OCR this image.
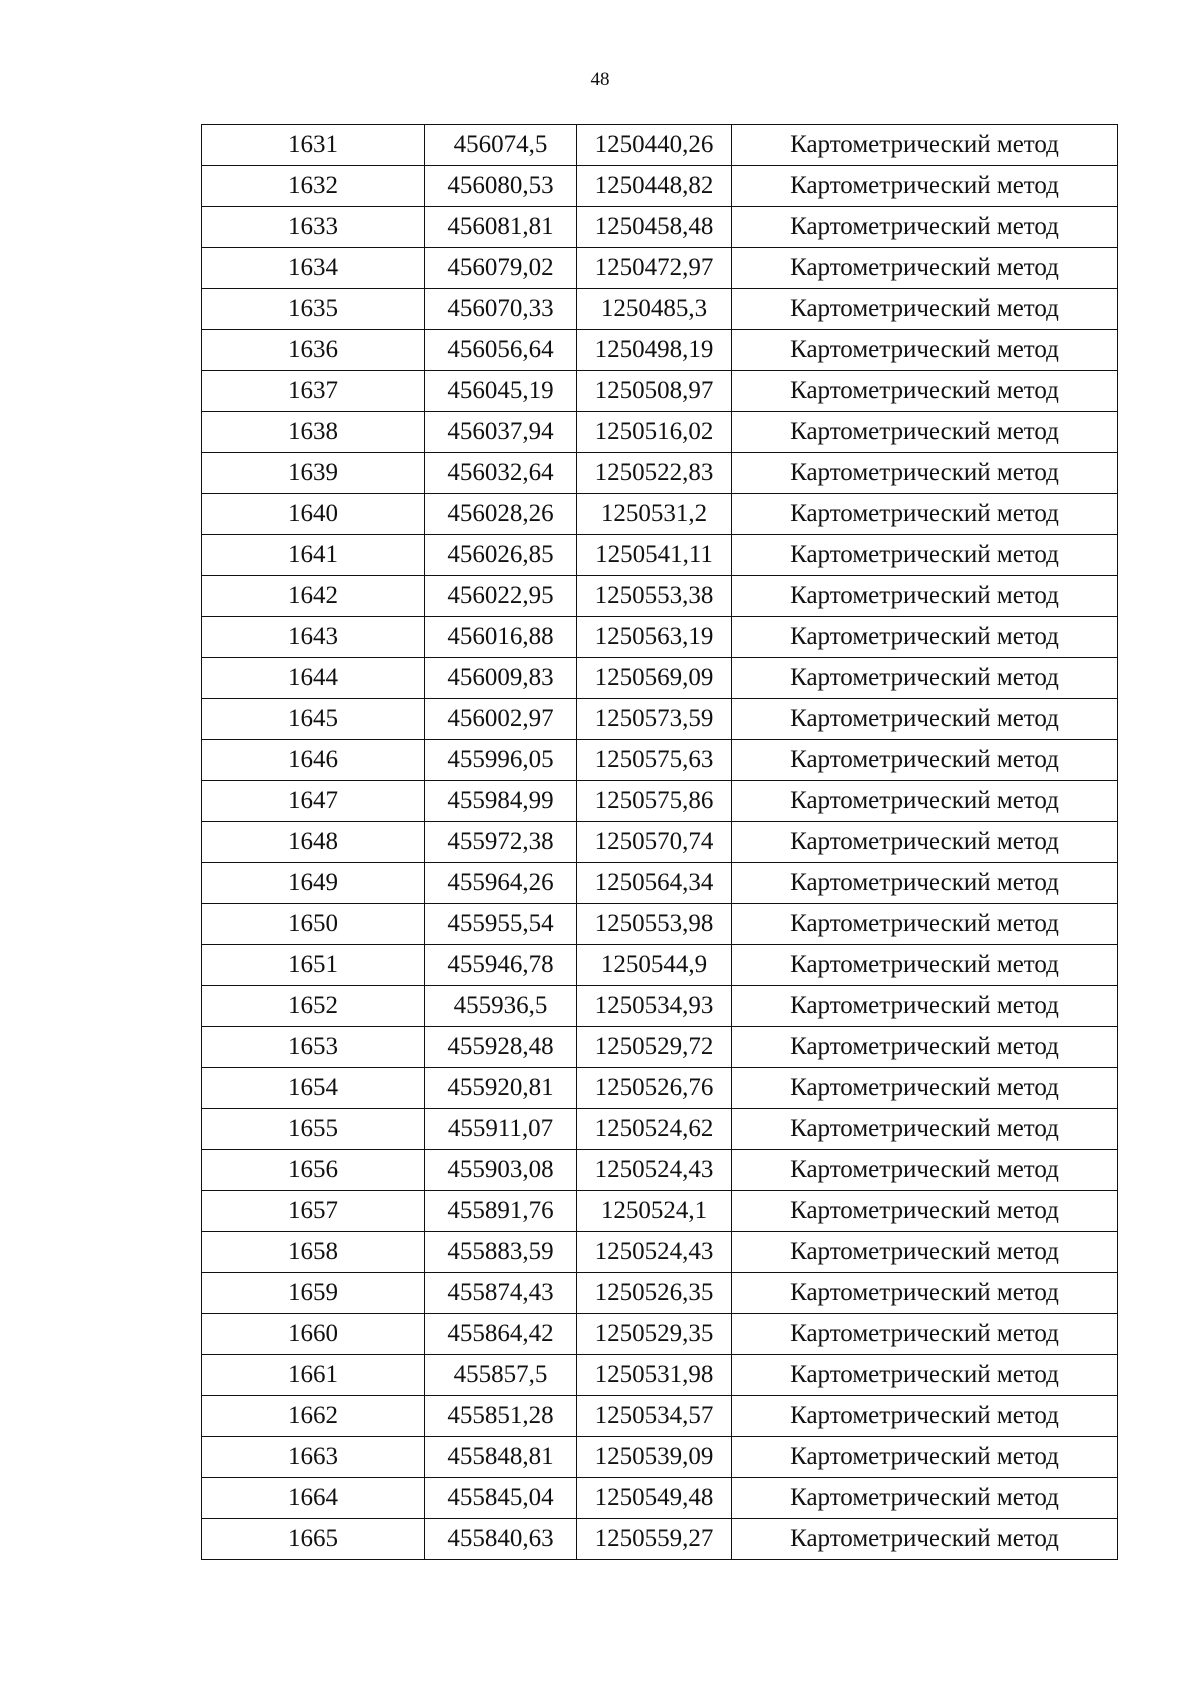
48
1631	456074,5	1250440,26	Картометрический метод
1632	456080,53	1250448,82	Картометрический метод
1633	456081,81	1250458,48	Картометрический метод
1634	456079,02	1250472,97	Картометрический метод
1635	456070,33	1250485,3	Картометрический метод
1636	456056,64	1250498,19	Картометрический метод
1637	456045,19	1250508,97	Картометрический метод
1638	456037,94	1250516,02	Картометрический метод
1639	456032,64	1250522,83	Картометрический метод
1640	456028,26	1250531,2	Картометрический метод
1641	456026,85	1250541,11	Картометрический метод
1642	456022,95	1250553,38	Картометрический метод
1643	456016,88	1250563,19	Картометрический метод
1644	456009,83	1250569,09	Картометрический метод
1645	456002,97	1250573,59	Картометрический метод
1646	455996,05	1250575,63	Картометрический метод
1647	455984,99	1250575,86	Картометрический метод
1648	455972,38	1250570,74	Картометрический метод
1649	455964,26	1250564,34	Картометрический метод
1650	455955,54	1250553,98	Картометрический метод
1651	455946,78	1250544,9	Картометрический метод
1652	455936,5	1250534,93	Картометрический метод
1653	455928,48	1250529,72	Картометрический метод
1654	455920,81	1250526,76	Картометрический метод
1655	455911,07	1250524,62	Картометрический метод
1656	455903,08	1250524,43	Картометрический метод
1657	455891,76	1250524,1	Картометрический метод
1658	455883,59	1250524,43	Картометрический метод
1659	455874,43	1250526,35	Картометрический метод
1660	455864,42	1250529,35	Картометрический метод
1661	455857,5	1250531,98	Картометрический метод
1662	455851,28	1250534,57	Картометрический метод
1663	455848,81	1250539,09	Картометрический метод
1664	455845,04	1250549,48	Картометрический метод
1665	455840,63	1250559,27	Картометрический метод
